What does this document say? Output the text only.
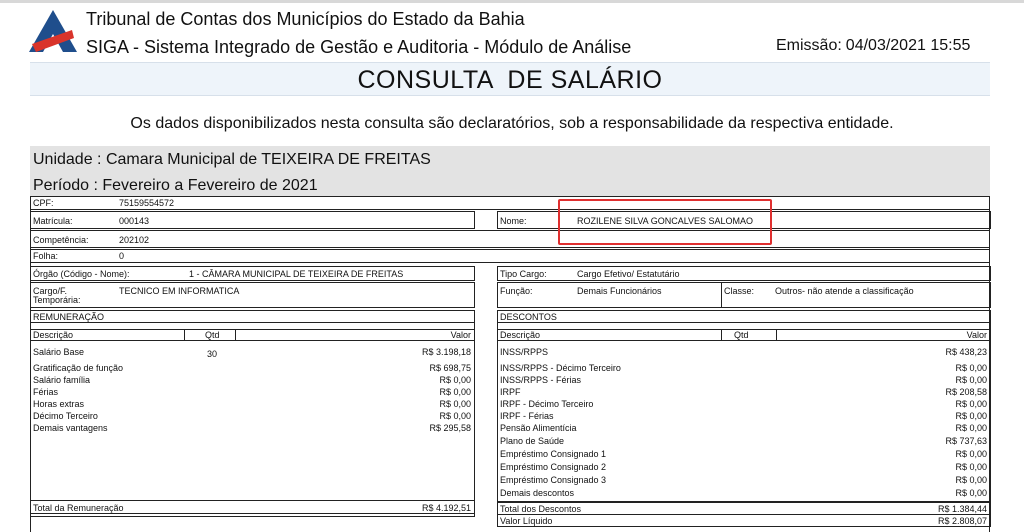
Tribunal de Contas dos Municípios do Estado da Bahia
SIGA - Sistema Integrado de Gestão e Auditoria - Módulo de Análise	Emissão: 04/03/2021 15:55
CONSULTA  DE SALÁRIO
Os dados disponibilizados nesta consulta são declaratórios, sob a responsabilidade da respectiva entidade.
Unidade : Camara Municipal de TEIXEIRA DE FREITAS
Período : Fevereiro a Fevereiro de 2021
CPF:	75159554572
Matrícula:	000143	Nome:	ROZILENE SILVA GONCALVES SALOMAO
Competência:	202102
Folha:	0
Órgão (Código - Nome):	1 - CÂMARA MUNICIPAL DE TEIXEIRA DE FREITAS	Tipo Cargo:	Cargo Efetivo/ Estatutário
Cargo/F.
Temporária:
TECNICO EM INFORMATICA	Função:	Demais Funcionários	Classe: Outros- não atende a classificação
REMUNERAÇÃO
Descrição	Qtd	Valor
Salário Base	30	R$ 3.198,18
Gratificação de função	R$ 698,75
Salário família	R$ 0,00
Férias	R$ 0,00
Horas extras	R$ 0,00
Décimo Terceiro	R$ 0,00
Demais vantagens	R$ 295,58
Total da Remuneração	R$ 4.192,51
DESCONTOS
Descrição	Qtd	Valor
INSS/RPPS	R$ 438,23
INSS/RPPS - Décimo Terceiro	R$ 0,00
INSS/RPPS - Férias	R$ 0,00
IRPF	R$ 208,58
IRPF - Décimo Terceiro	R$ 0,00
IRPF - Férias	R$ 0,00
Pensão Alimentícia	R$ 0,00
Plano de Saúde	R$ 737,63
Empréstimo Consignado 1	R$ 0,00
Empréstimo Consignado 2	R$ 0,00
Empréstimo Consignado 3	R$ 0,00
Demais descontos	R$ 0,00
Total dos Descontos	R$ 1.384,44
Valor Líquido	R$ 2.808,07
